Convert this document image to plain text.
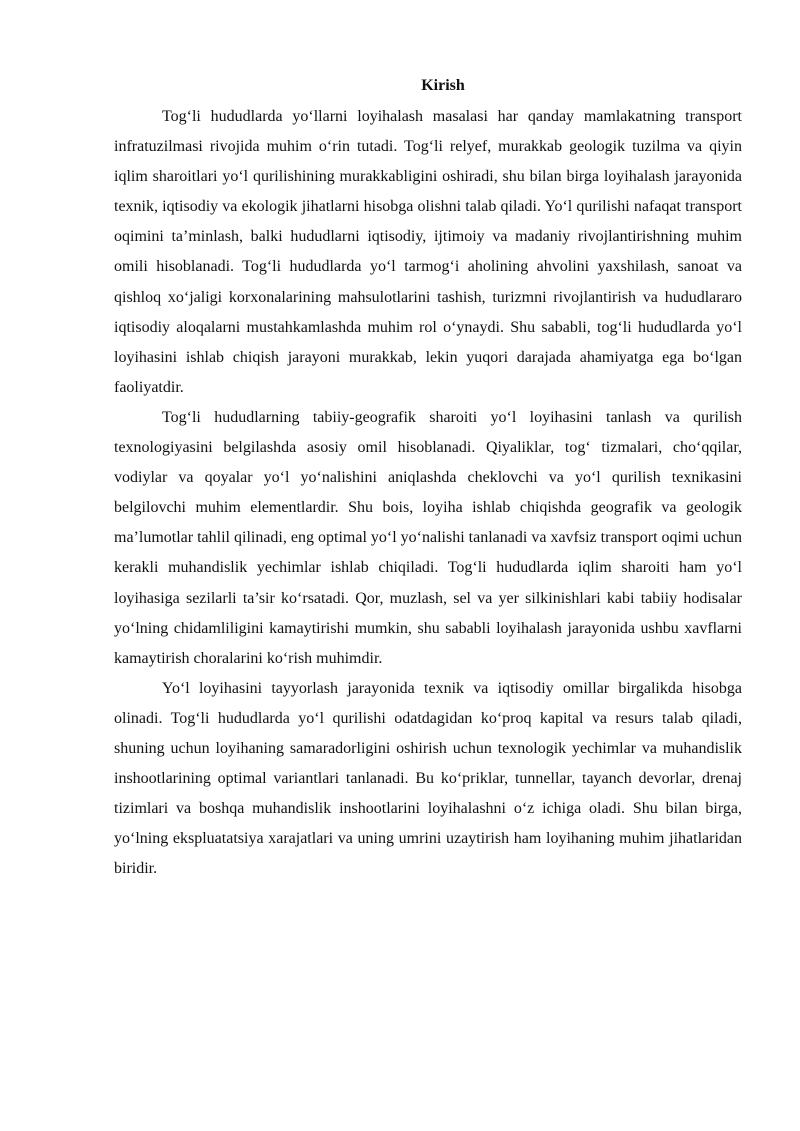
Kirish

Tog‘li hududlarda yo‘llarni loyihalash masalasi har qanday mamlakatning transport infratuzilmasi rivojida muhim o‘rin tutadi. Tog‘li relyef, murakkab geologik tuzilma va qiyin iqlim sharoitlari yo‘l qurilishining murakkabligini oshiradi, shu bilan birga loyihalash jarayonida texnik, iqtisodiy va ekologik jihatlarni hisobga olishni talab qiladi. Yo‘l qurilishi nafaqat transport oqimini ta’minlash, balki hududlarni iqtisodiy, ijtimoiy va madaniy rivojlantirishning muhim omili hisoblanadi. Tog‘li hududlarda yo‘l tarmog‘i aholining ahvolini yaxshilash, sanoat va qishloq xo‘jaligi korxonalarining mahsulotlarini tashish, turizmni rivojlantirish va hududlararo iqtisodiy aloqalarni mustahkamlashda muhim rol o‘ynaydi. Shu sababli, tog‘li hududlarda yo‘l loyihasini ishlab chiqish jarayoni murakkab, lekin yuqori darajada ahamiyatga ega bo‘lgan faoliyatdir.

Tog‘li hududlarning tabiiy-geografik sharoiti yo‘l loyihasini tanlash va qurilish texnologiyasini belgilashda asosiy omil hisoblanadi. Qiyaliklar, tog‘ tizmalari, cho‘qqilar, vodiylar va qoyalar yo‘l yo‘nalishini aniqlashda cheklovchi va yo‘l qurilish texnikasini belgilovchi muhim elementlardir. Shu bois, loyiha ishlab chiqishda geografik va geologik ma’lumotlar tahlil qilinadi, eng optimal yo‘l yo‘nalishi tanlanadi va xavfsiz transport oqimi uchun kerakli muhandislik yechimlar ishlab chiqiladi. Tog‘li hududlarda iqlim sharoiti ham yo‘l loyihasiga sezilarli ta’sir ko‘rsatadi. Qor, muzlash, sel va yer silkinishlari kabi tabiiy hodisalar yo‘lning chidamliligini kamaytirishi mumkin, shu sababli loyihalash jarayonida ushbu xavflarni kamaytirish choralarini ko‘rish muhimdir.

Yo‘l loyihasini tayyorlash jarayonida texnik va iqtisodiy omillar birgalikda hisobga olinadi. Tog‘li hududlarda yo‘l qurilishi odatdagidan ko‘proq kapital va resurs talab qiladi, shuning uchun loyihaning samaradorligini oshirish uchun texnologik yechimlar va muhandislik inshootlarining optimal variantlari tanlanadi. Bu ko‘priklar, tunnellar, tayanch devorlar, drenaj tizimlari va boshqa muhandislik inshootlarini loyihalashni o‘z ichiga oladi. Shu bilan birga, yo‘lning ekspluatatsiya xarajatlari va uning umrini uzaytirish ham loyihaning muhim jihatlaridan biridir.
